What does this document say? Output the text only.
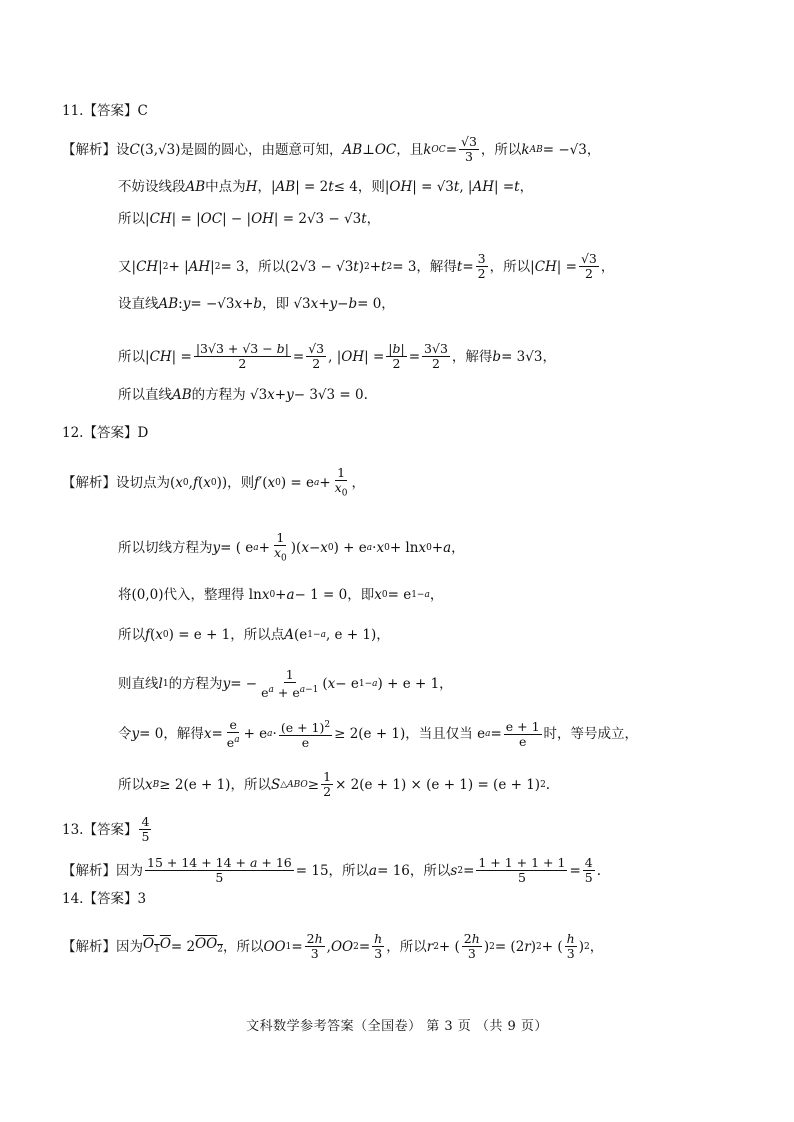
11.【答案】C
【解析】设 C (3,√3)是圆的圆心，由题意可知， AB ⊥ OC ，且 k OC = $\frac{√3}{3}$ ，所以 k AB = −√3，
不妨设线段 AB 中点为 H ，| AB | = 2 t ≤ 4，则| OH | = √3 t , | AH | = t ，
所以| CH | = | OC | − | OH | = 2√3 − √3 t ，
又| CH | 2 + | AH | 2 = 3，所以(2√3 − √3 t ) 2 + t 2 = 3，解得 $t = \frac{3}{2}$ ，所以| CH | = $\frac{√3}{2}$ ，
设直线 AB : y = −√3 x + b ，即 √3 x + y − b = 0，
所以| CH | = $\frac{|3√3 + √3 - b|}{2} = \frac{√3}{2}$ , | OH | = $\frac{|b|}{2} = \frac{3√3}{2}$ ，解得 b = 3√3，
所以直线 AB 的方程为 √3 x + y − 3√3 = 0.
12.【答案】D
【解析】设切点为( x 0 , f ( x 0 ))，则 f ′( x 0 ) = e $a + \frac{1}{x_0}$ ，
所以切线方程为 y = ( e $a + \frac{1}{x_0}$ )( x − x 0 ) + e a · x 0 + ln x 0 + a ，
将(0,0)代入，整理得 ln x 0 + a − 1 = 0，即 x 0 = e 1−a ，
所以 f ( x 0 ) = e + 1，所以点 A (e 1−a , e + 1)，
则直线 l 1 的方程为 y = − $\frac{1}{e^a + e^{a-1}}$ ( x − e 1−a ) + e + 1，
令 y = 0，解得 $x = \frac{e}{e^a} + e$ $a \cdot \frac{(e + 1)^2}{e} \ge 2(e + 1)$，当且仅当 e $a = \frac{e + 1}{e}$ 时，等号成立，
所以 x B ≥ 2(e + 1)，所以 S △ABO ≥ $\frac{1}{2} \times 2(e + 1) \times (e + 1) = (e + 1)$ 2 .
13.【答案】 $\frac{4}{5}$
【解析】因为 $\frac{15 + 14 + 14 + a + 16}{5} = 15$，所以 a = 16，所以 s $2 = \frac{1 + 1 + 1 + 1}{5} = \frac{4}{5}$ .
14.【答案】3
【解析】因为 $O_1O = 2$ $OO_2$ ，所以 OO $1 = \frac{2h}{3}$ , OO $2 = \frac{h}{3}$ ，所以 r 2 + ( $\frac{2h}{3}$ ) 2 = (2 r ) 2 + ( $\frac{h}{3}$ ) 2 ，
文科数学参考答案（全国卷） 第 3 页 （共 9 页）
